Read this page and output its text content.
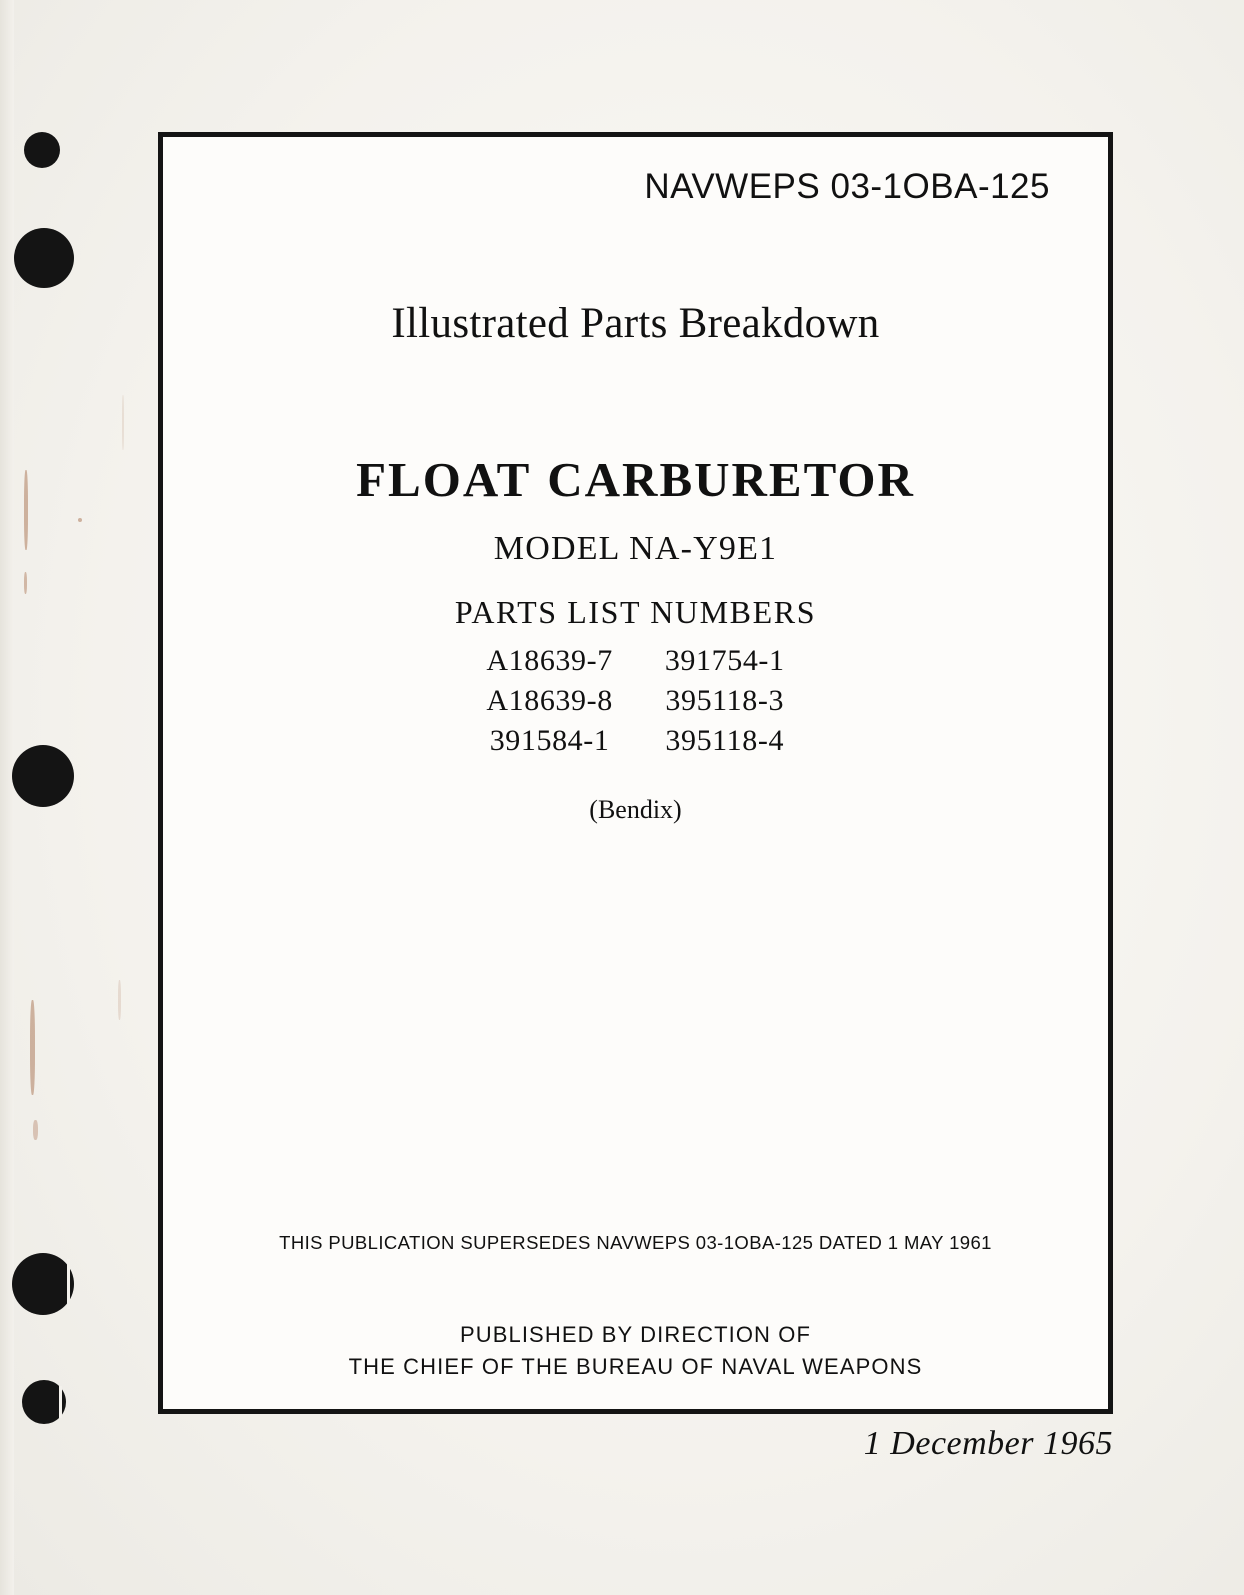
NAVWEPS 03-1OBA-125
Illustrated Parts Breakdown
FLOAT CARBURETOR
MODEL NA-Y9E1
PARTS LIST NUMBERS
A18639-7	391754-1
A18639-8	395118-3
391584-1	395118-4
(Bendix)
THIS PUBLICATION SUPERSEDES NAVWEPS 03-1OBA-125 DATED 1 MAY 1961
PUBLISHED BY DIRECTION OF
THE CHIEF OF THE BUREAU OF NAVAL WEAPONS
1 December 1965
